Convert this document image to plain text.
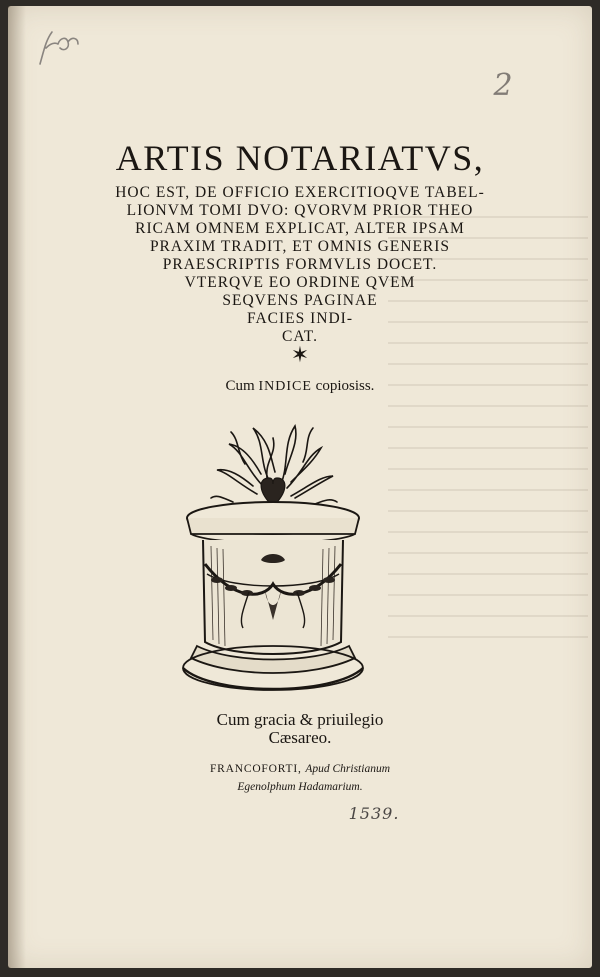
2
ARTIS NOTARIATVS,
HOC EST, DE OFFICIO EXERCITIOQVE TABEL-
LIONVM TOMI DVO: QVORVM PRIOR THEO
RICAM OMNEM EXPLICAT, ALTER IPSAM
PRAXIM TRADIT, ET OMNIS GENERIS
PRAESCRIPTIS FORMVLIS DOCET.
VTERQVE EO ORDINE QVEM
SEQVENS PAGINAE
FACIES INDI-
CAT.
✶
Cum INDICE copiosiss.
Cum gracia & priuilegio
Cæsareo.
FRANCOFORTI, Apud Christianum
Egenolphum Hadamarium.
1539.
